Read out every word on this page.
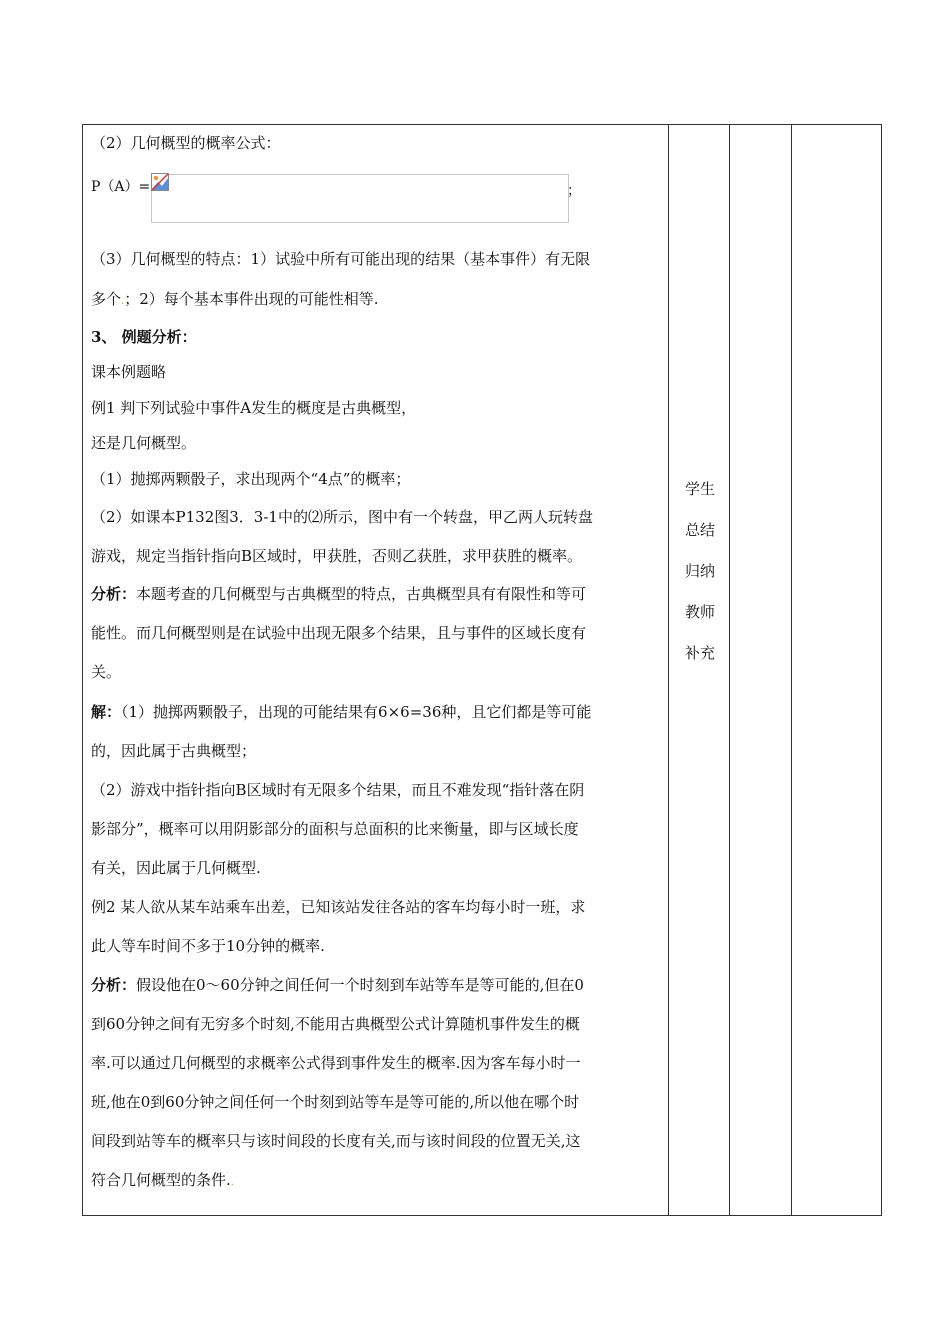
（2）几何概型的概率公式：
P（A）=	；
（3）几何概型的特点：1）试验中所有可能出现的结果（基本事件）有无限
多个.；2）每个基本事件出现的可能性相等.
3、 例题分析：
课本例题略
例1 判下列试验中事件A发生的概度是古典概型，
还是几何概型。
（1）抛掷两颗骰子，求出现两个“4点”的概率；
（2）如课本P132图3．3-1中的⑵所示，图中有一个转盘，甲乙两人玩转盘
游戏，规定当指针指向B区域时，甲获胜，否则乙获胜，求甲获胜的概率。
分析：本题考查的几何概型与古典概型的特点，古典概型具有有限性和等可
能性。而几何概型则是在试验中出现无限多个结果，且与事件的区域长度有
关。
解：（1）抛掷两颗骰子，出现的可能结果有6×6=36种，且它们都是等可能
的，因此属于古典概型；
（2）游戏中指针指向B区域时有无限多个结果，而且不难发现“指针落在阴
影部分”，概率可以用阴影部分的面积与总面积的比来衡量，即与区域长度
有关，因此属于几何概型.
例2 某人欲从某车站乘车出差，已知该站发往各站的客车均每小时一班，求
此人等车时间不多于10分钟的概率.
分析：假设他在0～60分钟之间任何一个时刻到车站等车是等可能的,但在0
到60分钟之间有无穷多个时刻,不能用古典概型公式计算随机事件发生的概
率.可以通过几何概型的求概率公式得到事件发生的概率.因为客车每小时一
班,他在0到60分钟之间任何一个时刻到站等车是等可能的,所以他在哪个时
间段到站等车的概率只与该时间段的长度有关,而与该时间段的位置无关,这
符合几何概型的条件..
学生
总结
归纳
教师
补充
